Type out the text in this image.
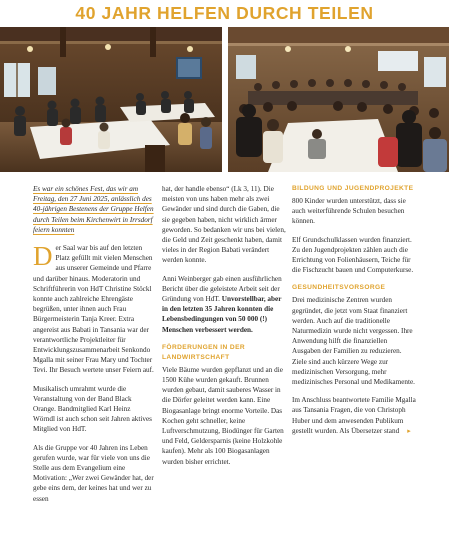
40 JAHR HELFEN DURCH TEILEN

Es war ein schönes Fest, das wir am Freitag, den 27 Juni 2025, anlässlich des 40-jährigen Bestenens der Gruppe Helfen durch Teilen beim Kirchenwirt in Irrsdorf feiern konnten

Der Saal war bis auf den letzten Platz gefüllt mit vielen Menschen aus unserer Gemeinde und Pfarre und darüber hinaus. Moderatorin und Schriftführerin von HdT Christine Stöckl konnte auch zahlreiche Ehrengäste begrüßen, unter ihnen auch Frau Bürgermeisterin Tanja Kreer. Extra angereist aus Babati in Tansania war der verantwortliche Projektleiter für Entwicklungszusammenarbeit Senkondo Mgalla mit seiner Frau Mary und Tochter Tevi. Ihr Besuch wertete unser Feiern auf.

Musikalisch umrahmt wurde die Veranstaltung von der Band Black Orange. Bandmitglied Karl Heinz Wörndl ist auch schon seit Jahren aktives Mitglied von HdT.

Als die Gruppe vor 40 Jahren ins Leben gerufen wurde, war für viele von uns die Stelle aus dem Evangelium eine Motivation: „Wer zwei Gewänder hat, der gebe eins dem, der keines hat und wer zu essen

hat, der handle ebenso“ (Lk 3, 11). Die meisten von uns haben mehr als zwei Gewänder und sind durch die Gaben, die sie gegeben haben, nicht wirklich ärmer geworden. So bedanken wir uns bei vielen, die Geld und Zeit geschenkt haben, damit vieles in der Region Babati verändert werden konnte.

Anni Weinberger gab einen ausführlichen Bericht über die geleistete Arbeit seit der Gründung von HdT. Unvorstellbar, aber in den letzten 35 Jahren konnten die Lebensbedingungen von 50 000 (!) Menschen verbessert werden.

FÖRDERUNGEN IN DER LANDWIRTSCHAFT

Viele Bäume wurden gepflanzt und an die 1500 Kühe wurden gekauft. Brunnen wurden gebaut, damit sauberes Wasser in die Dörfer geleitet werden kann. Eine Biogasanlage bringt enorme Vorteile. Das Kochen geht schneller, keine Luftverschmutzung, Biodünger für Garten und Feld, Geldersparnis (keine Holzkohle kaufen). Mehr als 100 Biogasanlagen wurden bisher errichtet.

BILDUNG UND JUGENDPROJEKTE

800 Kinder wurden unterstützt, dass sie auch weiterführende Schulen besuchen können.

Elf Grundschulklassen wurden finanziert. Zu den Jugendprojekten zählen auch die Errichtung von Folienhäusern, Teiche für die Fischzucht bauen und Computerkurse.

GESUNDHEITSVORSORGE

Drei medizinische Zentren wurden gegründet, die jetzt vom Staat finanziert werden. Auch auf die traditionelle Naturmedizin wurde nicht vergessen. Ihre Anwendung hilft die finanziellen Ausgaben der Familien zu reduzieren. Ziele sind auch kürzere Wege zur medizinischen Versorgung, mehr medizinisches Personal und Medikamente.

Im Anschluss beantwortete Familie Mgalla aus Tansania Fragen, die von Christoph Huber und dem anwesenden Publikum gestellt wurden. Als Übersetzer stand ▸
